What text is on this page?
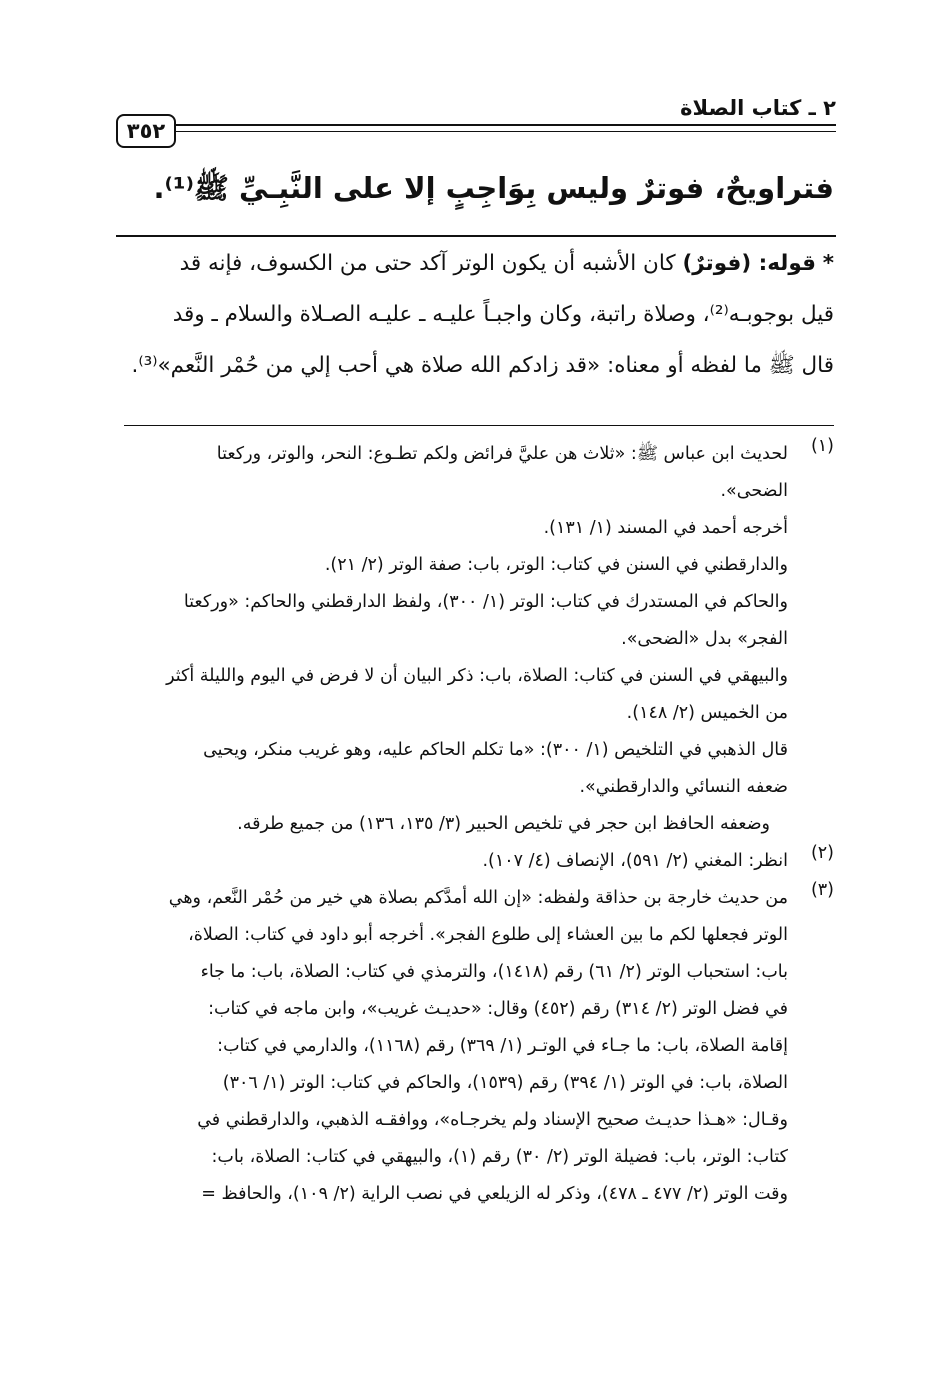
٢ ـ كتاب الصلاة
٣٥٢
فتراويحٌ، فوترٌ وليس بِوَاجِبٍ إلا على النَّبِـيِّ ﷺ⁽¹⁾.
* قوله: (فوترٌ) كان الأشبه أن يكون الوتر آكد حتى من الكسوف، فإنه قد
قيل بوجوبـه⁽²⁾، وصلاة راتبة، وكان واجبـاً عليـه ـ عليـه الصـلاة والسلام ـ وقد
قال ﷺ ما لفظه أو معناه: «قد زادكم الله صلاة هي أحب إلي من حُمْر النَّعم»⁽³⁾.
(١)
لحديث ابن عباس ﷺ: «ثلاث هن عليَّ فرائض ولكم تطـوع: النحر، والوتر، وركعتا
الضحى».
أخرجه أحمد في المسند (١/ ١٣١).
والدارقطني في السنن في كتاب: الوتر، باب: صفة الوتر (٢/ ٢١).
والحاكم في المستدرك في كتاب: الوتر (١/ ٣٠٠)، ولفظ الدارقطني والحاكم: «وركعتا
الفجر» بدل «الضحى».
والبيهقي في السنن في كتاب: الصلاة، باب: ذكر البيان أن لا فرض في اليوم والليلة أكثر
من الخميس (٢/ ١٤٨).
قال الذهبي في التلخيص (١/ ٣٠٠): «ما تكلم الحاكم عليه، وهو غريب منكر، ويحيى
ضعفه النسائي والدارقطني».
وضعفه الحافظ ابن حجر في تلخيص الحبير (٣/ ١٣٥، ١٣٦) من جميع طرقه.
(٢)
انظر: المغني (٢/ ٥٩١)، الإنصاف (٤/ ١٠٧).
(٣)
من حديث خارجة بن حذاقة ولفظه: «إن الله أمدَّكم بصلاة هي خير من حُمْر النَّعم، وهي
الوتر فجعلها لكم ما بين العشاء إلى طلوع الفجر». أخرجه أبو داود في كتاب: الصلاة،
باب: استحباب الوتر (٢/ ٦١) رقم (١٤١٨)، والترمذي في كتاب: الصلاة، باب: ما جاء
في فضل الوتر (٢/ ٣١٤) رقم (٤٥٢) وقال: «حديـث غريب»، وابن ماجه في كتاب:
إقامة الصلاة، باب: ما جـاء في الوتـر (١/ ٣٦٩) رقم (١١٦٨)، والدارمي في كتاب:
الصلاة، باب: في الوتر (١/ ٣٩٤) رقم (١٥٣٩)، والحاكم في كتاب: الوتر (١/ ٣٠٦)
وقـال: «هـذا حديـث صحيح الإسناد ولم يخرجـاه»، ووافقـه الذهبي، والدارقطني في
كتاب: الوتر، باب: فضيلة الوتر (٢/ ٣٠) رقم (١)، والبيهقي في كتاب: الصلاة، باب:
وقت الوتر (٢/ ٤٧٧ ـ ٤٧٨)، وذكر له الزيلعي في نصب الراية (٢/ ١٠٩)، والحافظ =
